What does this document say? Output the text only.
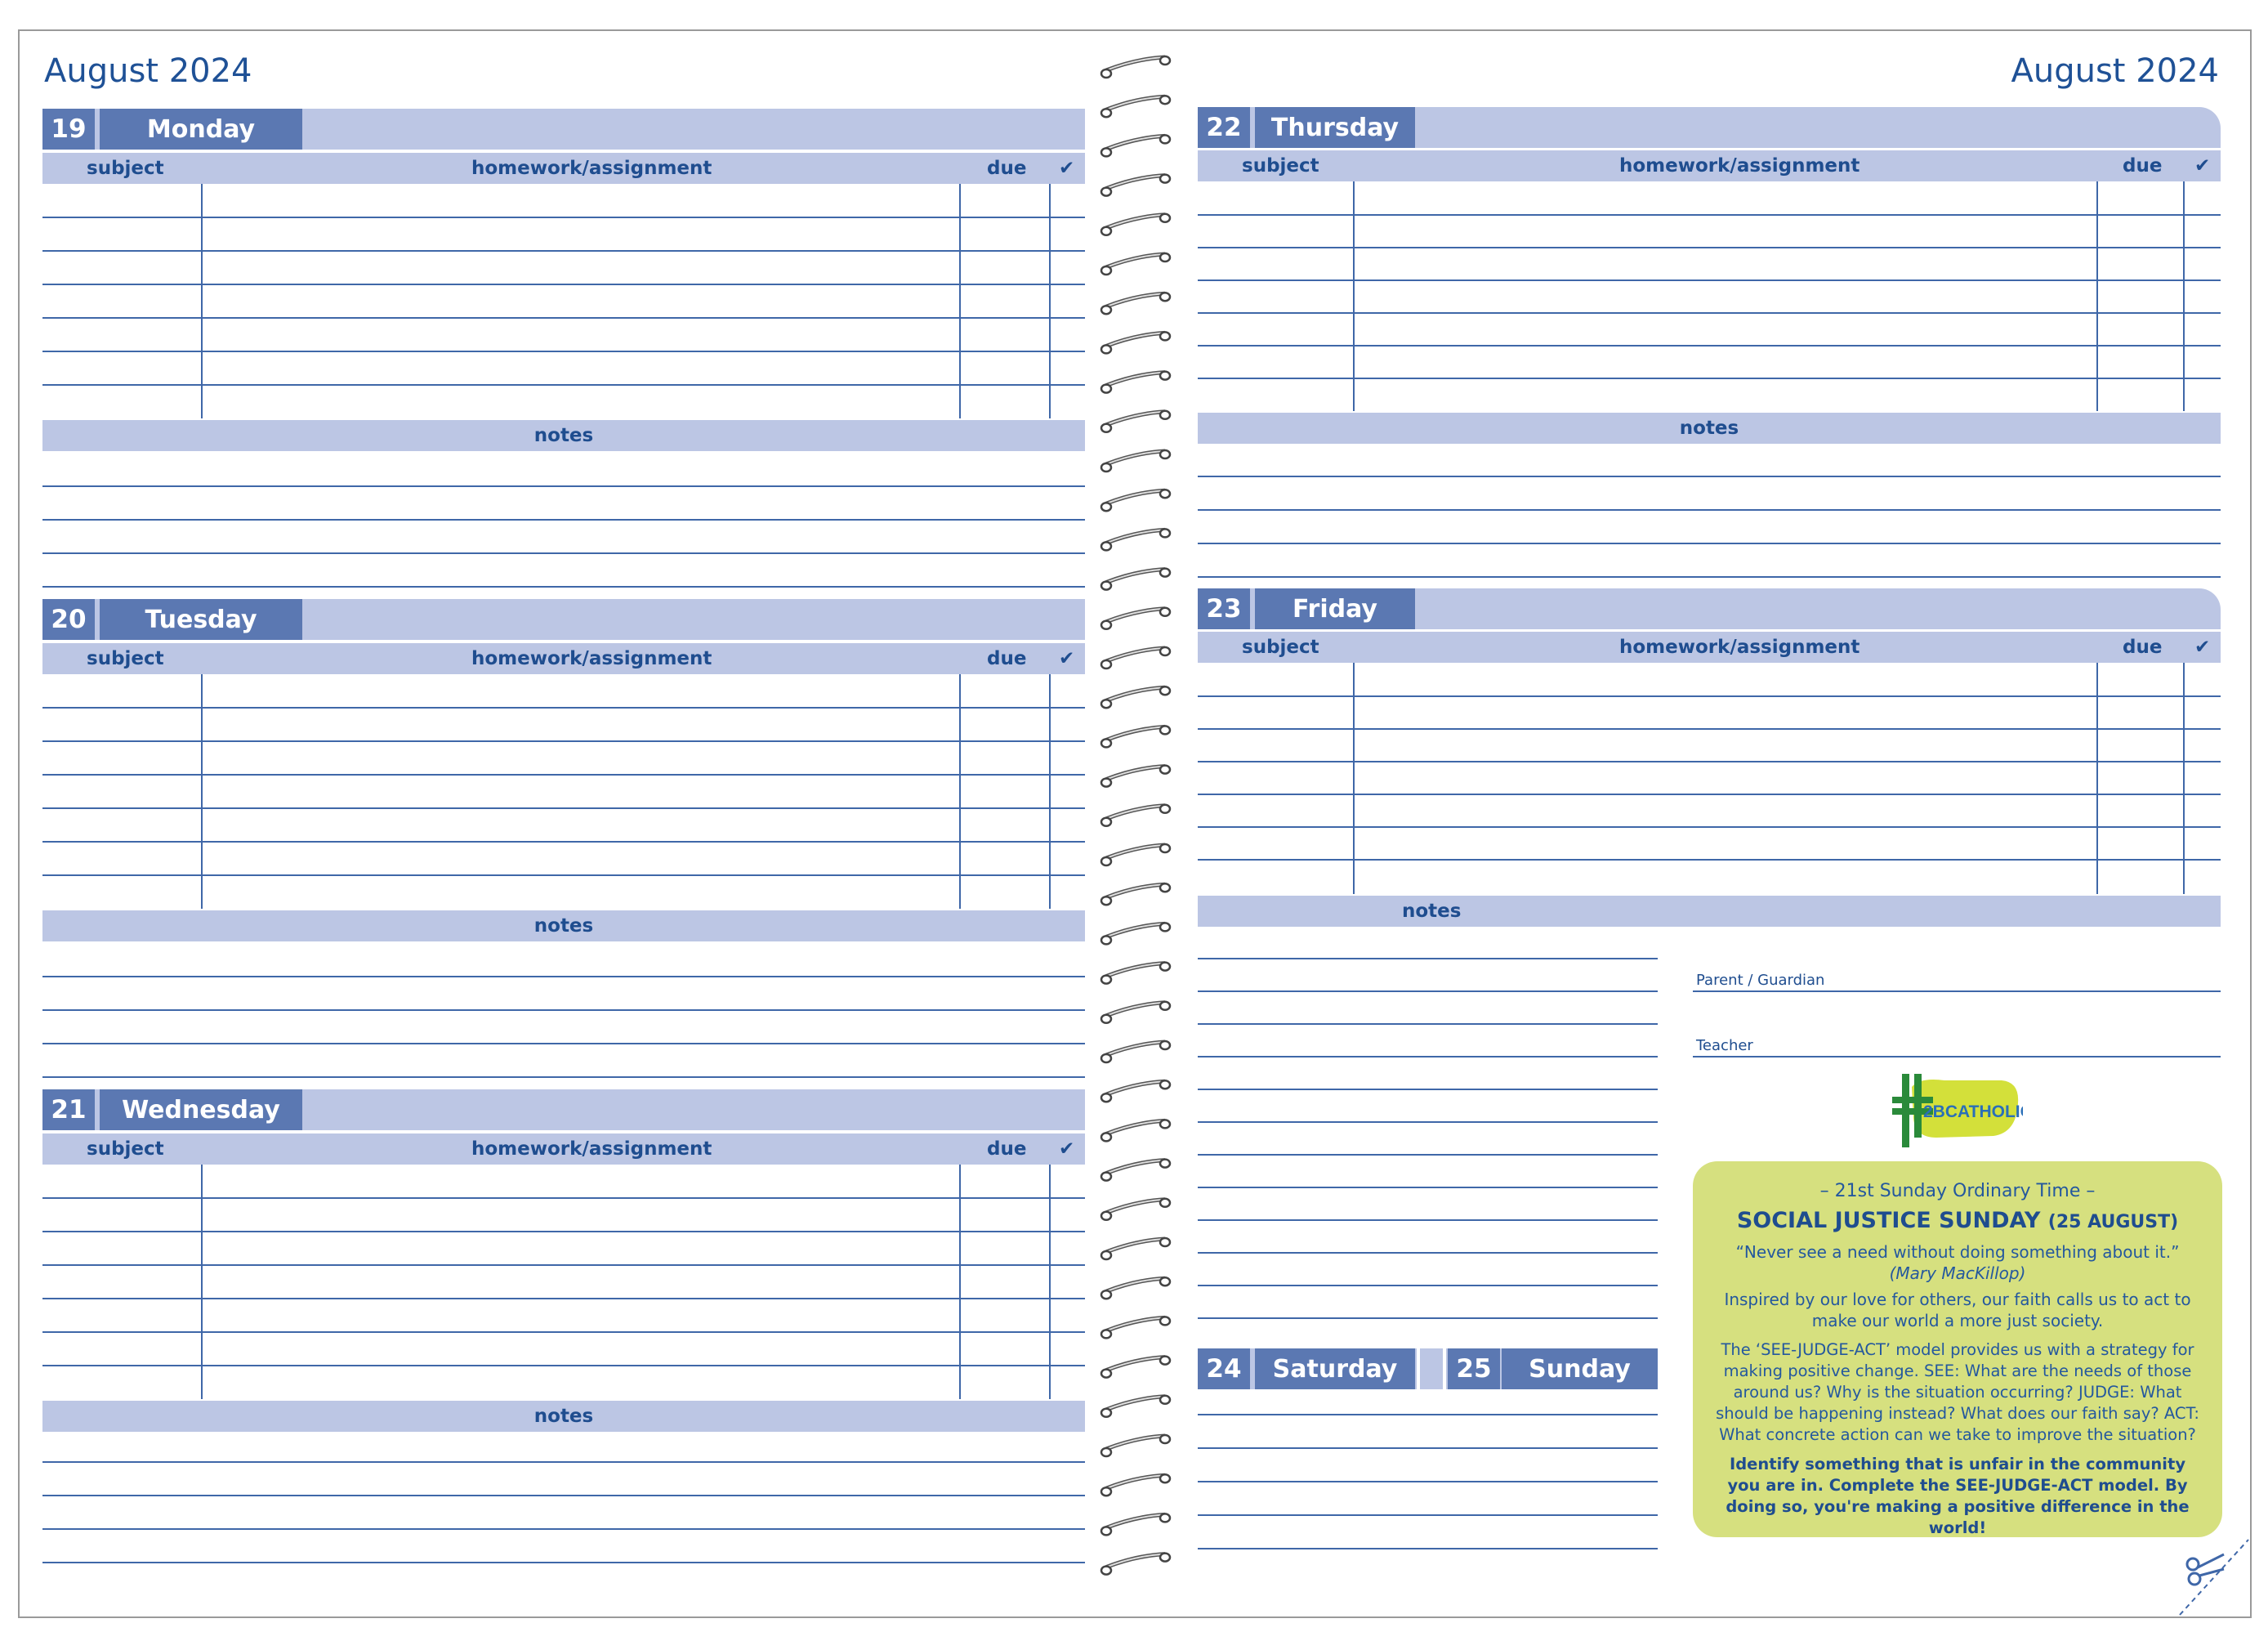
August 2024	August 2024
19	Monday
subject	homework/assignment	due ✔
notes
20	Tuesday
subject	homework/assignment	due ✔
notes
21	Wednesday
subject	homework/assignment	due ✔
notes
22	Thursday
subject	homework/assignment	due ✔
notes
23	Friday
subject	homework/assignment	due ✔
notes
Parent / Guardian
Teacher
2BCATHOLIC
24	Saturday	25	Sunday

– 21st Sunday Ordinary Time –

SOCIAL JUSTICE SUNDAY (25 AUGUST)

“Never see a need without doing something about it.”
(Mary MacKillop)

Inspired by our love for others, our faith calls us to act to make our world a more just society.

The ‘SEE-JUDGE-ACT’ model provides us with a strategy for making positive change. SEE: What are the needs of those around us? Why is the situation occurring? JUDGE: What should be happening instead? What does our faith say? ACT: What concrete action can we take to improve the situation?

Identify something that is unfair in the community you are in. Complete the SEE-JUDGE-ACT model. By doing so, you're making a positive difference in the world!
